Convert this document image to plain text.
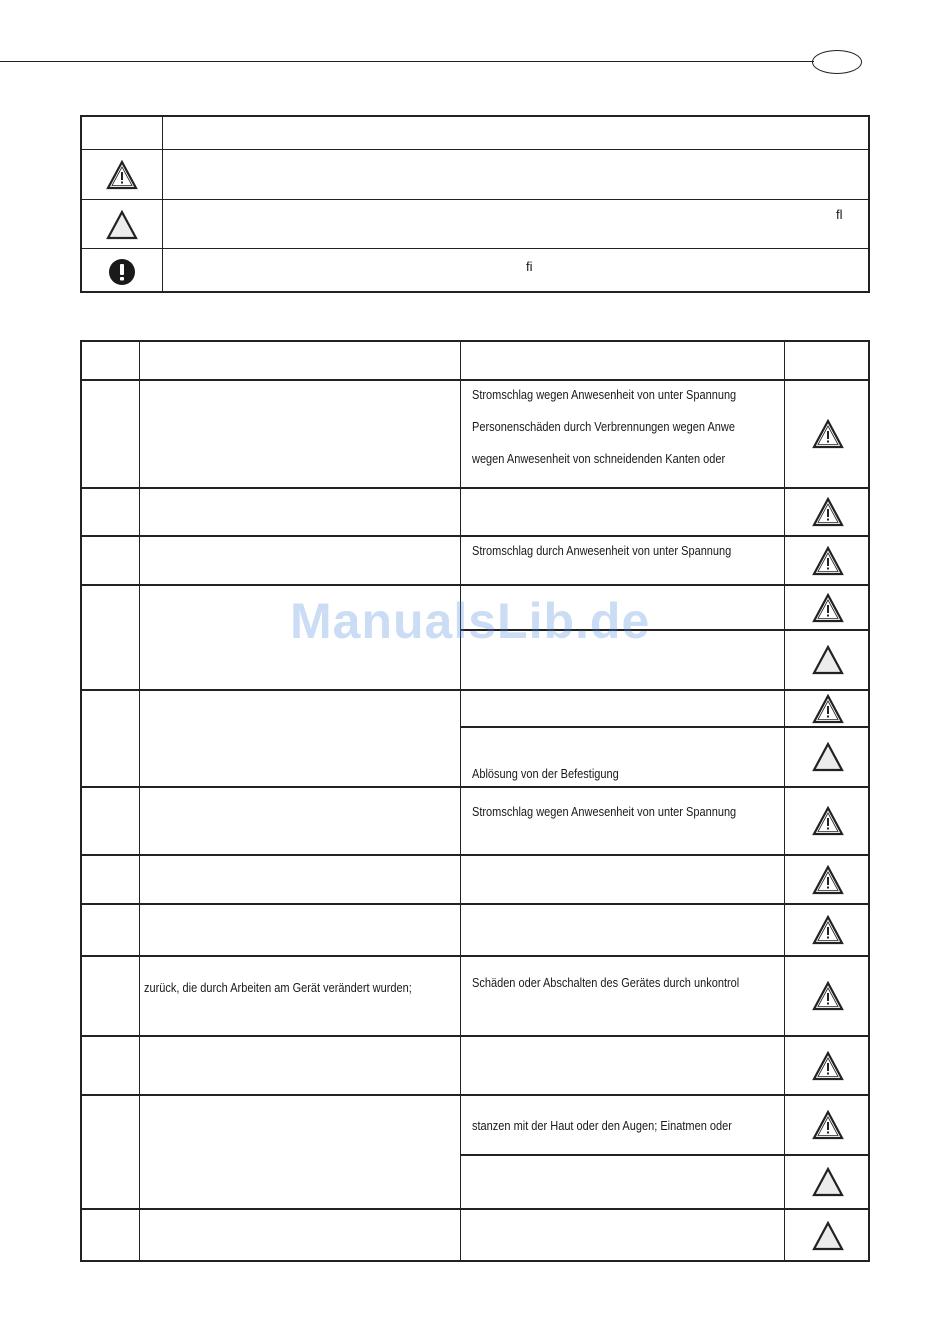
fl
fi
Stromschlag wegen Anwesenheit von unter Spannung
Personenschäden durch Verbrennungen wegen Anwe
wegen Anwesenheit von schneidenden Kanten oder
Stromschlag durch Anwesenheit von unter Spannung
Ablösung von der Befestigung
Stromschlag wegen Anwesenheit von unter Spannung
zurück, die durch Arbeiten am Gerät verändert wurden;	Schäden oder Abschalten des Gerätes durch unkontrol
stanzen mit der Haut oder den Augen; Einatmen oder
ManualsLib.de
